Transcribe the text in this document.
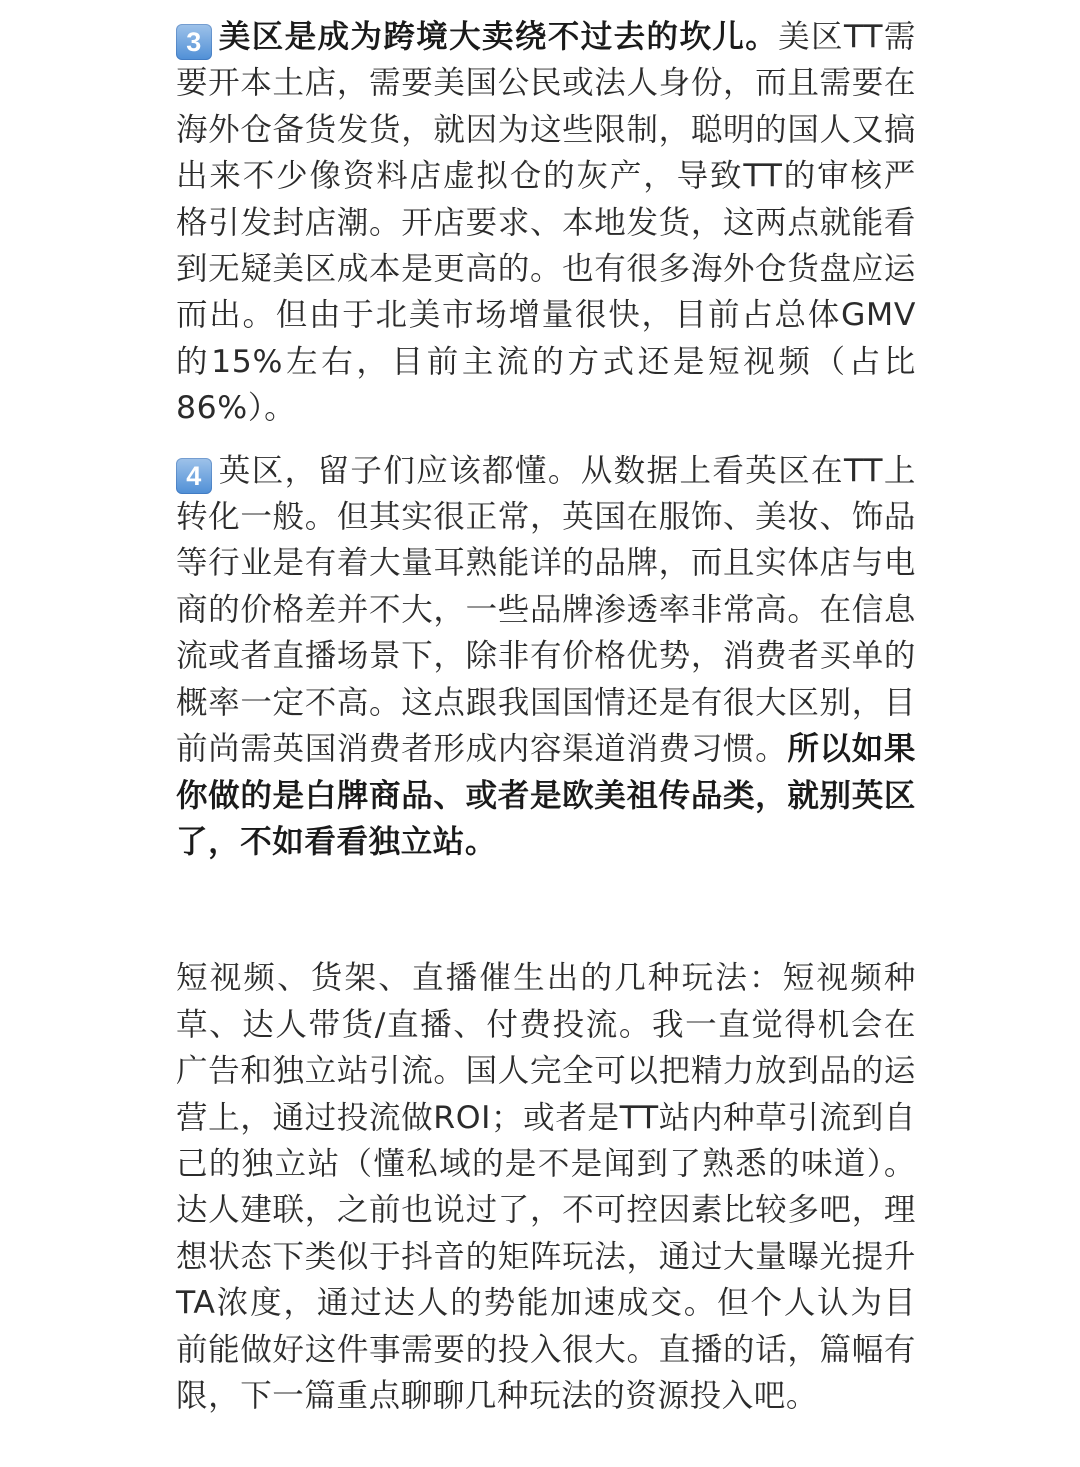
3 美区是成为跨境大卖绕不过去的坎儿。美区TT需要开本土店，需要美国公民或法人身份，而且需要在海外仓备货发货，就因为这些限制，聪明的国人又搞出来不少像资料店虚拟仓的灰产，导致TT的审核严格引发封店潮。开店要求、本地发货，这两点就能看到无疑美区成本是更高的。也有很多海外仓货盘应运而出。但由于北美市场增量很快，目前占总体GMV的15%左右，目前主流的方式还是短视频（占比86%）。

4 英区，留子们应该都懂。从数据上看英区在TT上转化一般。但其实很正常，英国在服饰、美妆、饰品等行业是有着大量耳熟能详的品牌，而且实体店与电商的价格差并不大，一些品牌渗透率非常高。在信息流或者直播场景下，除非有价格优势，消费者买单的概率一定不高。这点跟我国国情还是有很大区别，目前尚需英国消费者形成内容渠道消费习惯。所以如果你做的是白牌商品、或者是欧美祖传品类，就别英区了，不如看看独立站。

短视频、货架、直播催生出的几种玩法：短视频种草、达人带货/直播、付费投流。我一直觉得机会在广告和独立站引流。国人完全可以把精力放到品的运营上，通过投流做ROI；或者是TT站内种草引流到自己的独立站（懂私域的是不是闻到了熟悉的味道）。达人建联，之前也说过了，不可控因素比较多吧，理想状态下类似于抖音的矩阵玩法，通过大量曝光提升TA浓度，通过达人的势能加速成交。但个人认为目前能做好这件事需要的投入很大。直播的话，篇幅有限，下一篇重点聊聊几种玩法的资源投入吧。
